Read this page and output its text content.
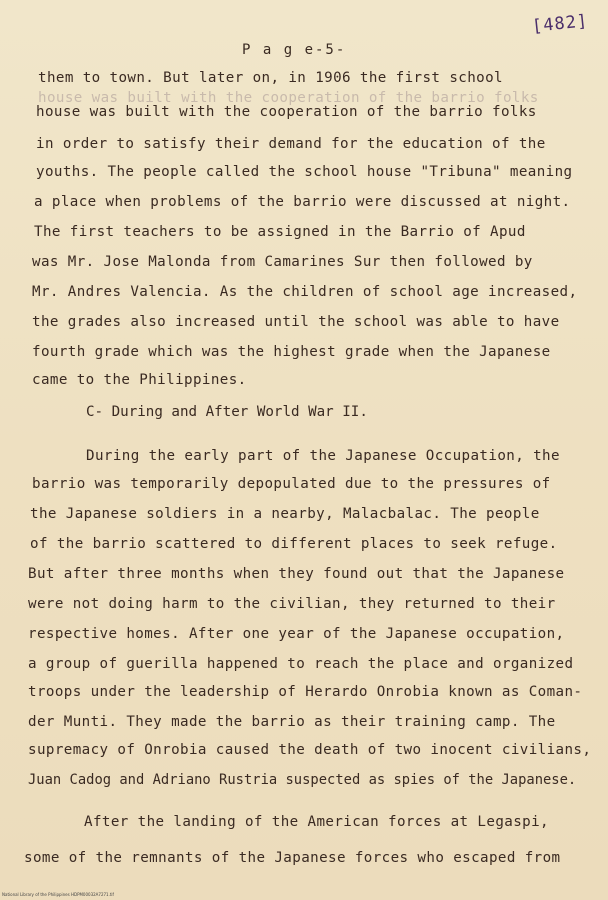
[482]
P a g e-5-
house was built with the cooperation of the barrio folks
them to town. But later on, in 1906 the first school
house was built with the cooperation of the barrio folks
in order to satisfy their demand for the education of the
youths. The people called the school house "Tribuna" meaning
a place when problems of the barrio were discussed at night.
The first teachers to be assigned in the Barrio of Apud
was Mr. Jose Malonda from Camarines Sur then followed by
Mr. Andres Valencia. As the children of school age increased,
the grades also increased until the school was able to have
fourth grade which was the highest grade when the Japanese
came to the Philippines.
C- During and After World War II.
During the early part of the Japanese Occupation, the
barrio was temporarily depopulated due to the pressures of
the Japanese soldiers in a nearby, Malacbalac. The people
of the barrio scattered to different places to seek refuge.
But after three months when they found out that the Japanese
were not doing harm to the civilian, they returned to their
respective homes. After one year of the Japanese occupation,
a group of guerilla happened to reach the place and organized
troops under the leadership of Herardo Onrobia known as Coman-
der Munti. They made the barrio as their training camp. The
supremacy of Onrobia caused the death of two inocent civilians,
Juan Cadog and Adriano Rustria suspected as spies of the Japanese.
After the landing of the American forces at Legaspi,
some of the remnants of the Japanese forces who escaped from
National Library of the Philippines HDPM00032A7271.tif
